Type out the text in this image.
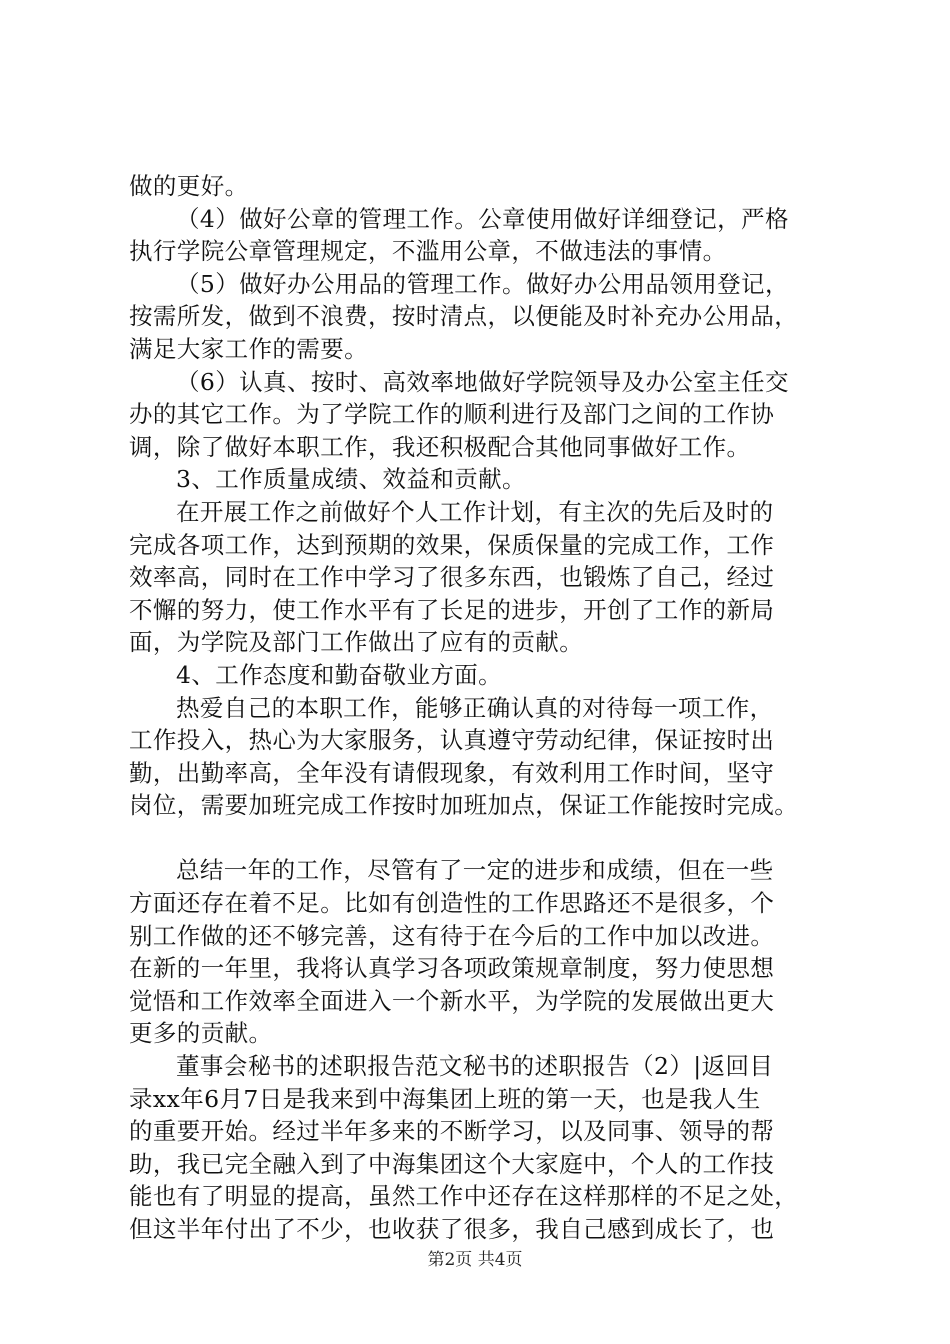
做的更好。
（4）做好公章的管理工作。公章使用做好详细登记，严格
执行学院公章管理规定，不滥用公章，不做违法的事情。
（5）做好办公用品的管理工作。做好办公用品领用登记，
按需所发，做到不浪费，按时清点，以便能及时补充办公用品，
满足大家工作的需要。
（6）认真、按时、高效率地做好学院领导及办公室主任交
办的其它工作。为了学院工作的顺利进行及部门之间的工作协
调，除了做好本职工作，我还积极配合其他同事做好工作。
3、工作质量成绩、效益和贡献。
在开展工作之前做好个人工作计划，有主次的先后及时的
完成各项工作，达到预期的效果，保质保量的完成工作，工作
效率高，同时在工作中学习了很多东西，也锻炼了自己，经过
不懈的努力，使工作水平有了长足的进步，开创了工作的新局
面，为学院及部门工作做出了应有的贡献。
4、工作态度和勤奋敬业方面。
热爱自己的本职工作，能够正确认真的对待每一项工作，
工作投入，热心为大家服务，认真遵守劳动纪律，保证按时出
勤，出勤率高，全年没有请假现象，有效利用工作时间，坚守
岗位，需要加班完成工作按时加班加点，保证工作能按时完成。
总结一年的工作，尽管有了一定的进步和成绩，但在一些
方面还存在着不足。比如有创造性的工作思路还不是很多，个
别工作做的还不够完善，这有待于在今后的工作中加以改进。
在新的一年里，我将认真学习各项政策规章制度，努力使思想
觉悟和工作效率全面进入一个新水平，为学院的发展做出更大
更多的贡献。
董事会秘书的述职报告范文秘书的述职报告（2）|返回目
录xx年6月7日是我来到中海集团上班的第一天，也是我人生
的重要开始。经过半年多来的不断学习，以及同事、领导的帮
助，我已完全融入到了中海集团这个大家庭中，个人的工作技
能也有了明显的提高，虽然工作中还存在这样那样的不足之处，
但这半年付出了不少，也收获了很多，我自己感到成长了，也
第2页 共4页
